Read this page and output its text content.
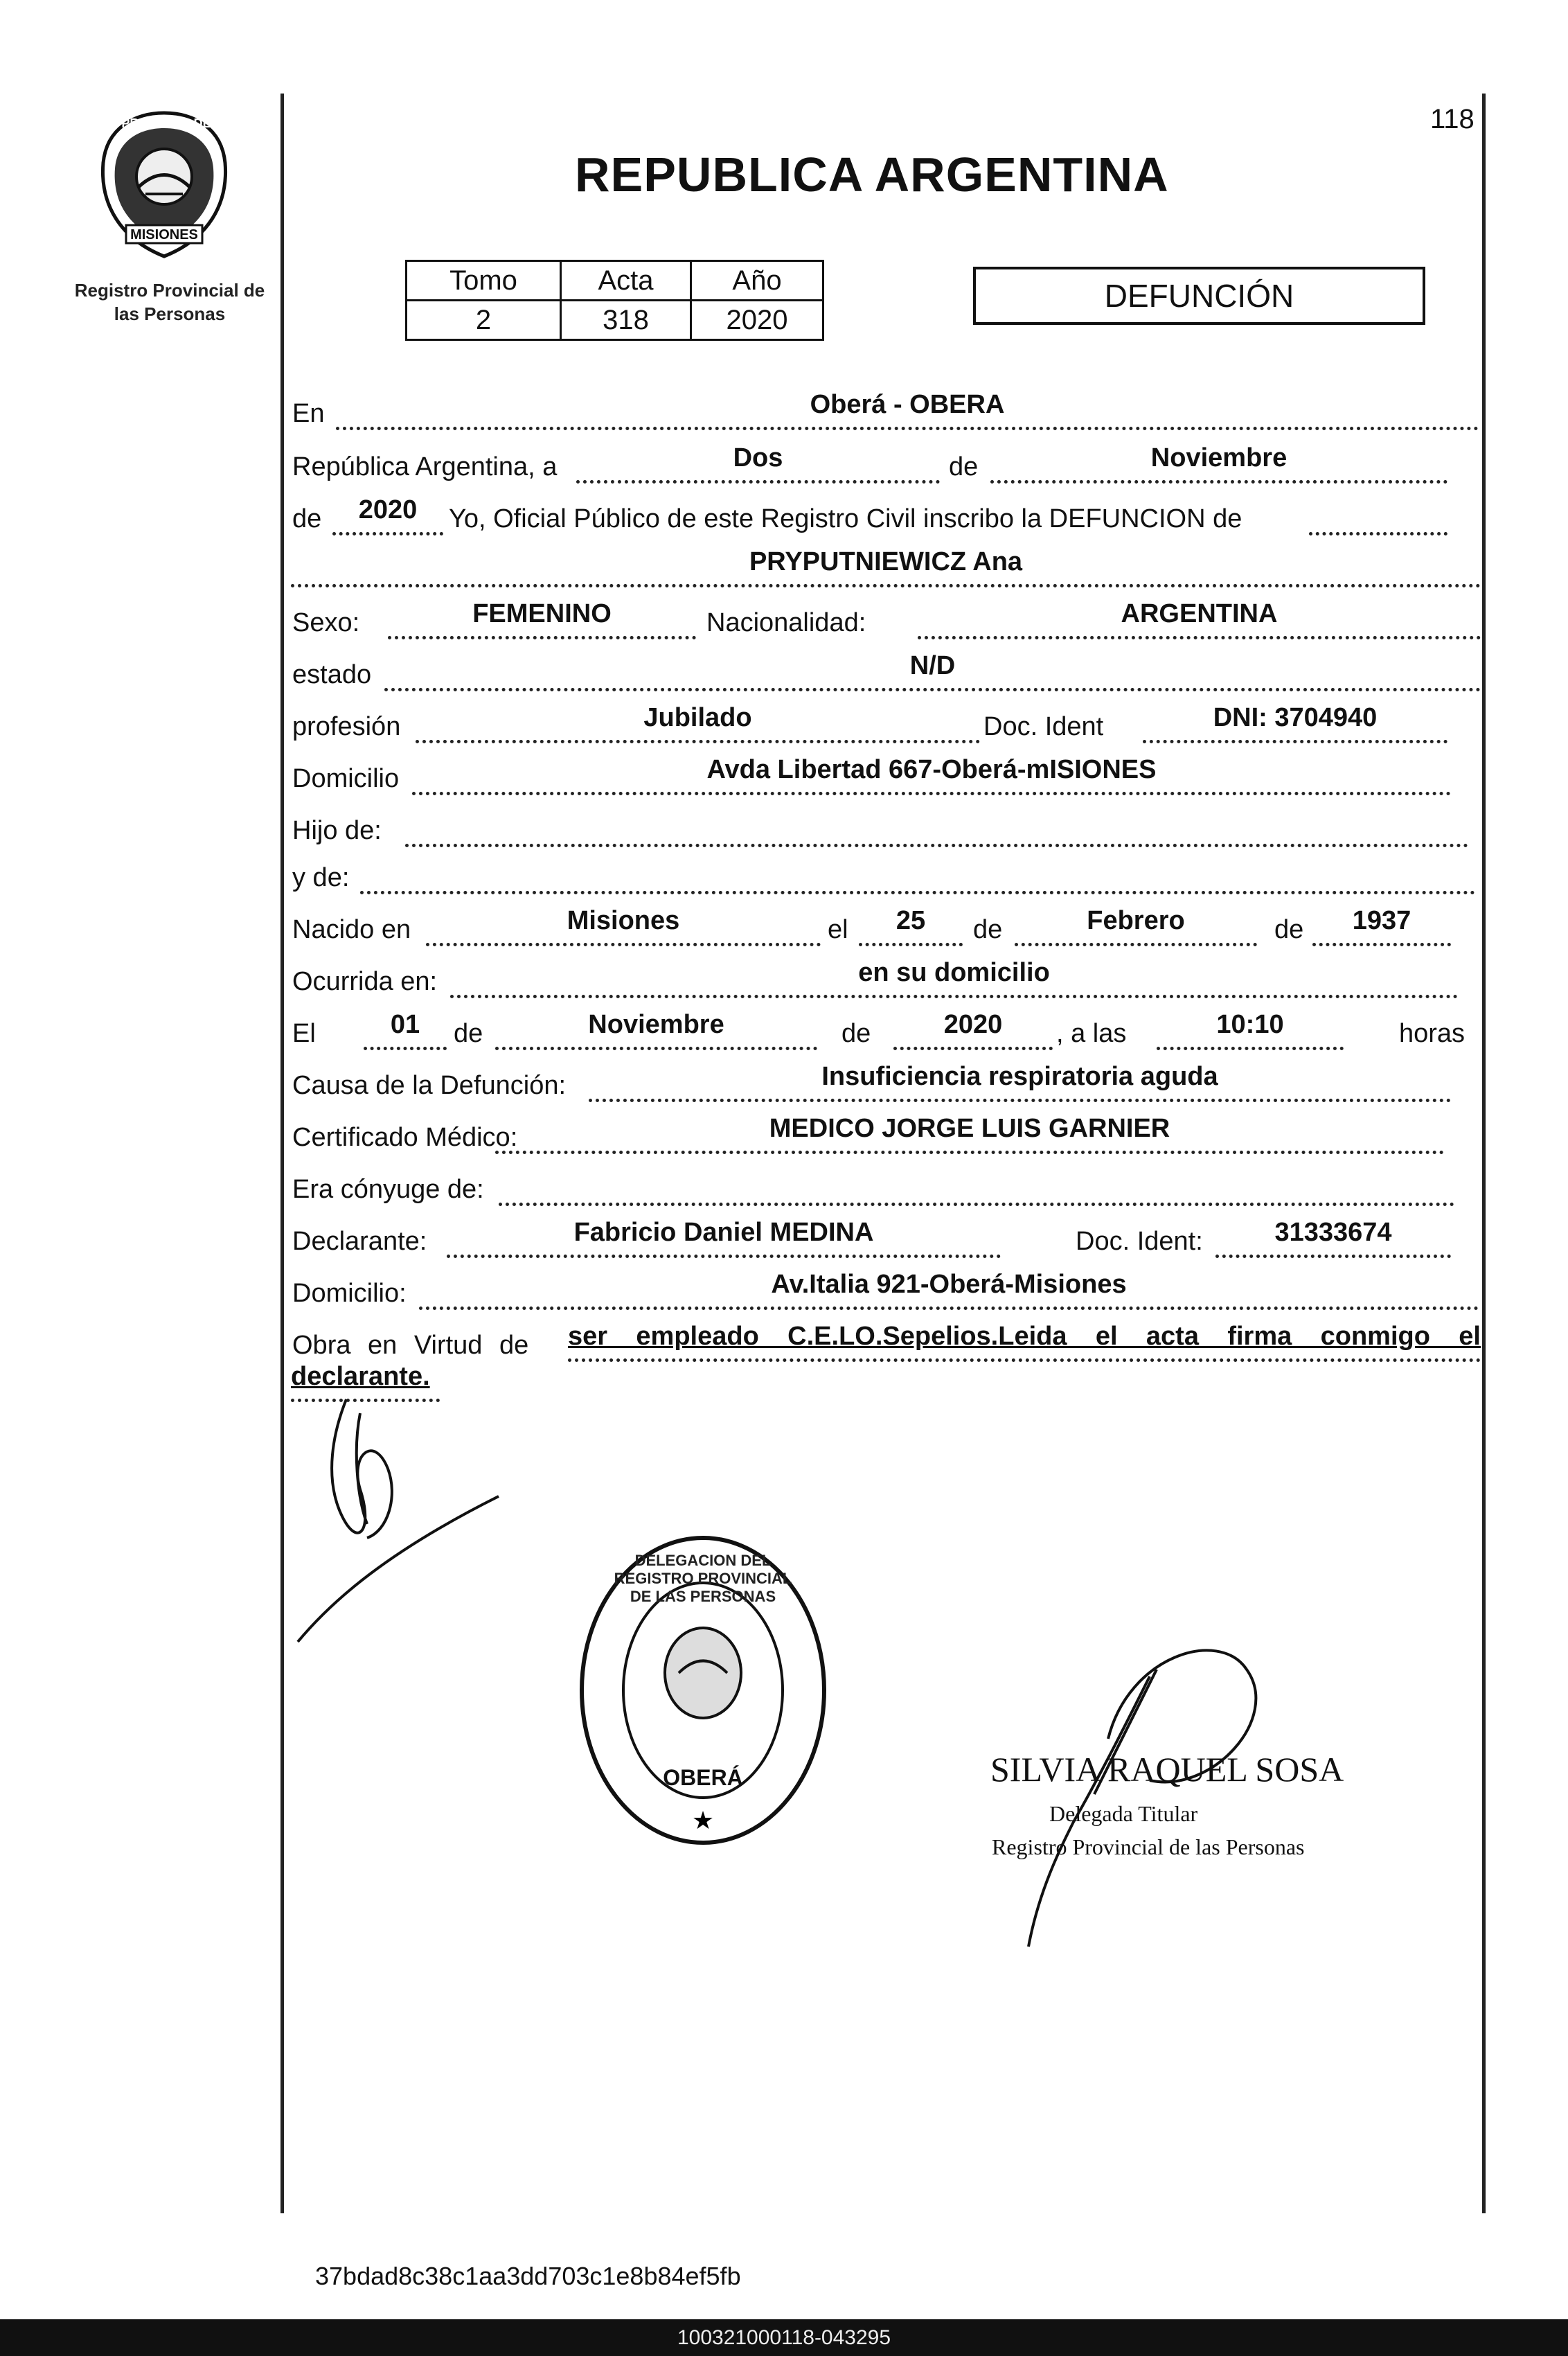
PROVINCIA DE
MISIONES
Registro Provincial de las Personas
118
REPUBLICA ARGENTINA
Tomo	Acta	Año
2	318	2020
DEFUNCIÓN
En	Oberá - OBERA
República Argentina, a	Dos	de	Noviembre
de	2020	Yo, Oficial Público de este Registro Civil inscribo la DEFUNCION de
PRYPUTNIEWICZ Ana
Sexo:	FEMENINO	Nacionalidad:	ARGENTINA
estado	N/D
profesión	Jubilado	Doc. Ident	DNI: 3704940
Domicilio	Avda Libertad 667-Oberá-mISIONES
Hijo de:
y de:
Nacido en	Misiones	el	25	de	Febrero	de	1937
Ocurrida en:	en su domicilio
El	01	de	Noviembre	de	2020	, a las	10:10	horas
Causa de la Defunción:	Insuficiencia respiratoria aguda
Certificado Médico:	MEDICO JORGE LUIS GARNIER
Era cónyuge de:
Declarante:	Fabricio Daniel MEDINA	Doc. Ident:	31333674
Domicilio:	Av.Italia 921-Oberá-Misiones
Obra en Virtud de ser empleado C.E.LO.Sepelios.Leida el acta firma conmigo el
declarante.
★
DELEGACION DEL REGISTRO PROVINCIAL DE LAS PERSONAS
OBERÁ	SILVIA RAQUEL SOSA
Delegada Titular
Registro Provincial de las Personas
37bdad8c38c1aa3dd703c1e8b84ef5fb
100321000118-043295
